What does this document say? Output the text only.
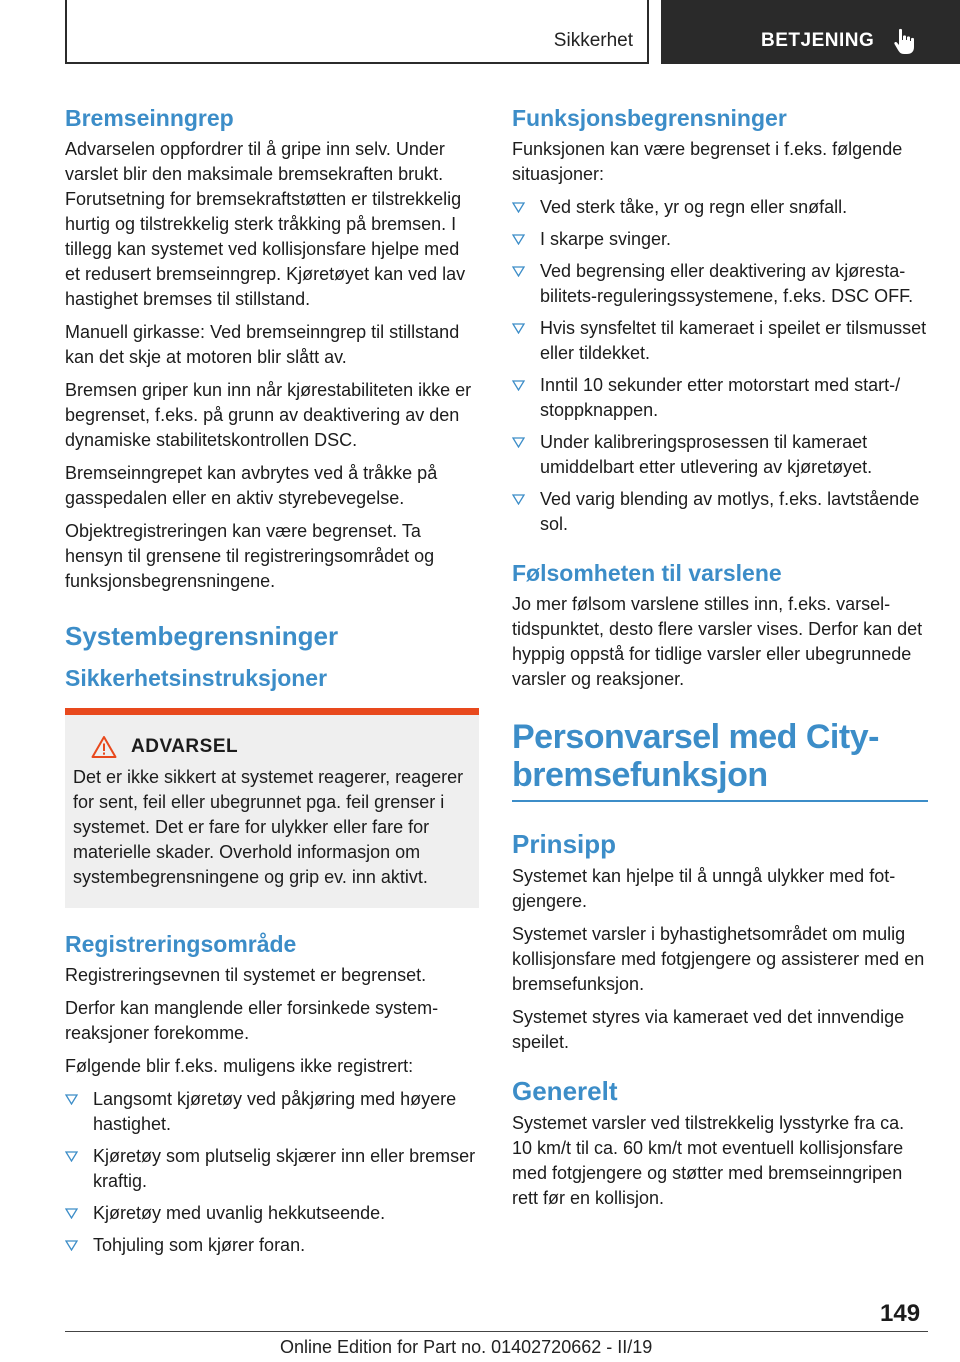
Sikkerhet	BETJENING
Bremseinngrep

Advarselen oppfordrer til å gripe inn selv. Under varslet blir den maksimale bremsekraften brukt. Forutsetning for bremsekraftstøtten er tilstrekkelig hurtig og tilstrekkelig sterk tråkking på bremsen. I tillegg kan systemet ved kollisjonsfare hjelpe med et redusert bremseinngrep. Kjøretøyet kan ved lav hastighet bremses til stillstand.

Manuell girkasse: Ved bremseinngrep til stillstand kan det skje at motoren blir slått av.

Bremsen griper kun inn når kjørestabiliteten ikke er begrenset, f.eks. på grunn av deaktivering av den dynamiske stabilitetskontrollen DSC.

Bremseinngrepet kan avbrytes ved å tråkke på gasspedalen eller en aktiv styrebevegelse.

Objektregistreringen kan være begrenset. Ta hensyn til grensene til registreringsområdet og funksjonsbegrensningene.

Systembegrensninger
Sikkerhetsinstruksjoner
ADVARSEL

Det er ikke sikkert at systemet reagerer, reagerer for sent, feil eller ubegrunnet pga. feil grenser i systemet. Det er fare for ulykker eller fare for materielle skader. Overhold informasjon om systembegrensningene og grip ev. inn aktivt.

Registreringsområde

Registreringsevnen til systemet er begrenset.

Derfor kan manglende eller forsinkede systemreaksjoner forekomme.

Følgende blir f.eks. muligens ikke registrert:

Langsomt kjøretøy ved påkjøring med høyere hastighet.
Kjøretøy som plutselig skjærer inn eller bremser kraftig.
Kjøretøy med uvanlig hekkutseende.
Tohjuling som kjører foran.
Funksjonsbegrensninger

Funksjonen kan være begrenset i f.eks. følgende situasjoner:

Ved sterk tåke, yr og regn eller snøfall.
I skarpe svinger.
Ved begrensing eller deaktivering av kjørestabilitets-reguleringssystemene, f.eks. DSC OFF.
Hvis synsfeltet til kameraet i speilet er tilsmusset eller tildekket.
Inntil 10 sekunder etter motorstart med start-/ stoppknappen.
Under kalibreringsprosessen til kameraet umiddelbart etter utlevering av kjøretøyet.
Ved varig blending av motlys, f.eks. lavtstående sol.
Følsomheten til varslene

Jo mer følsom varslene stilles inn, f.eks. varseltidspunktet, desto flere varsler vises. Derfor kan det hyppig oppstå for tidlige varsler eller ubegrunnede varsler og reaksjoner.

Personvarsel med City-bremsefunksjon
Prinsipp

Systemet kan hjelpe til å unngå ulykker med fotgjengere.

Systemet varsler i byhastighetsområdet om mulig kollisjonsfare med fotgjengere og assisterer med en bremsefunksjon.

Systemet styres via kameraet ved det innvendige speilet.

Generelt

Systemet varsler ved tilstrekkelig lysstyrke fra ca. 10 km/t til ca. 60 km/t mot eventuell kollisjonsfare med fotgjengere og støtter med bremseinngripen rett før en kollisjon.

149
Online Edition for Part no. 01402720662 - II/19
